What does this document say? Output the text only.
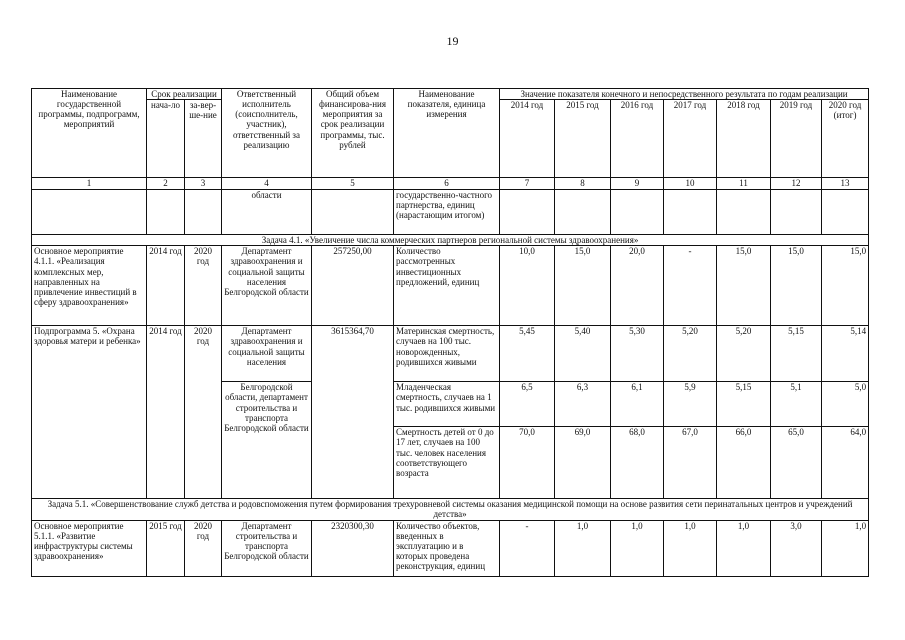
19
Наименование государственной программы, подпрограмм, мероприятий	Срок реализации		Ответственный исполнитель (соисполнитель, участник), ответственный за реализацию	Общий объем финансирова-ния мероприятия за срок реализации программы, тыс. рублей	Наименование показателя, единица измерения	Значение показателя конечного и непосредственного результата по годам реализации						
	нача-ло	за-вер-ше-ние				2014 год	2015 год	2016 год	2017 год	2018 год	2019 год	2020 год (итог)
1	2	3	4	5	6	7	8	9	10	11	12	13
			области		государственно-частного партнерства, единиц (нарастающим итогом)							
Задача 4.1. «Увеличение числа коммерческих партнеров региональной системы здравоохранения»												
Основное мероприятие 4.1.1. «Реализация комплексных мер, направленных на привлечение инвестиций в сферу здравоохранения»	2014 год	2020 год	Департамент здравоохранения и социальной защиты населения Белгородской области	257250,00	Количество рассмотренных инвестиционных предложений, единиц	10,0	15,0	20,0	-	15,0	15,0	15,0
Подпрограмма 5. «Охрана здоровья матери и ребенка»	2014 год	2020 год	Департамент здравоохранения и социальной защиты населения	3615364,70	Материнская смертность, случаев на 100 тыс. новорожденных, родившихся живыми	5,45	5,40	5,30	5,20	5,20	5,15	5,14
			Белгородской области, департамент строительства и транспорта Белгородской области		Младенческая смертность, случаев на 1 тыс. родившихся живыми	6,5	6,3	6,1	5,9	5,15	5,1	5,0
					Смертность детей от 0 до 17 лет, случаев на 100 тыс. человек населения соответствующего возраста	70,0	69,0	68,0	67,0	66,0	65,0	64,0
Задача 5.1. «Совершенствование служб детства и родовспоможения путем формирования трехуровневой системы оказания медицинской помощи на основе развития сети перинатальных центров и учреждений детства»												
Основное мероприятие 5.1.1. «Развитие инфраструктуры системы здравоохранения»	2015 год	2020 год	Департамент строительства и транспорта Белгородской области	2320300,30	Количество объектов, введенных в эксплуатацию и в которых проведена реконструкция, единиц	-	1,0	1,0	1,0	1,0	3,0	1,0
